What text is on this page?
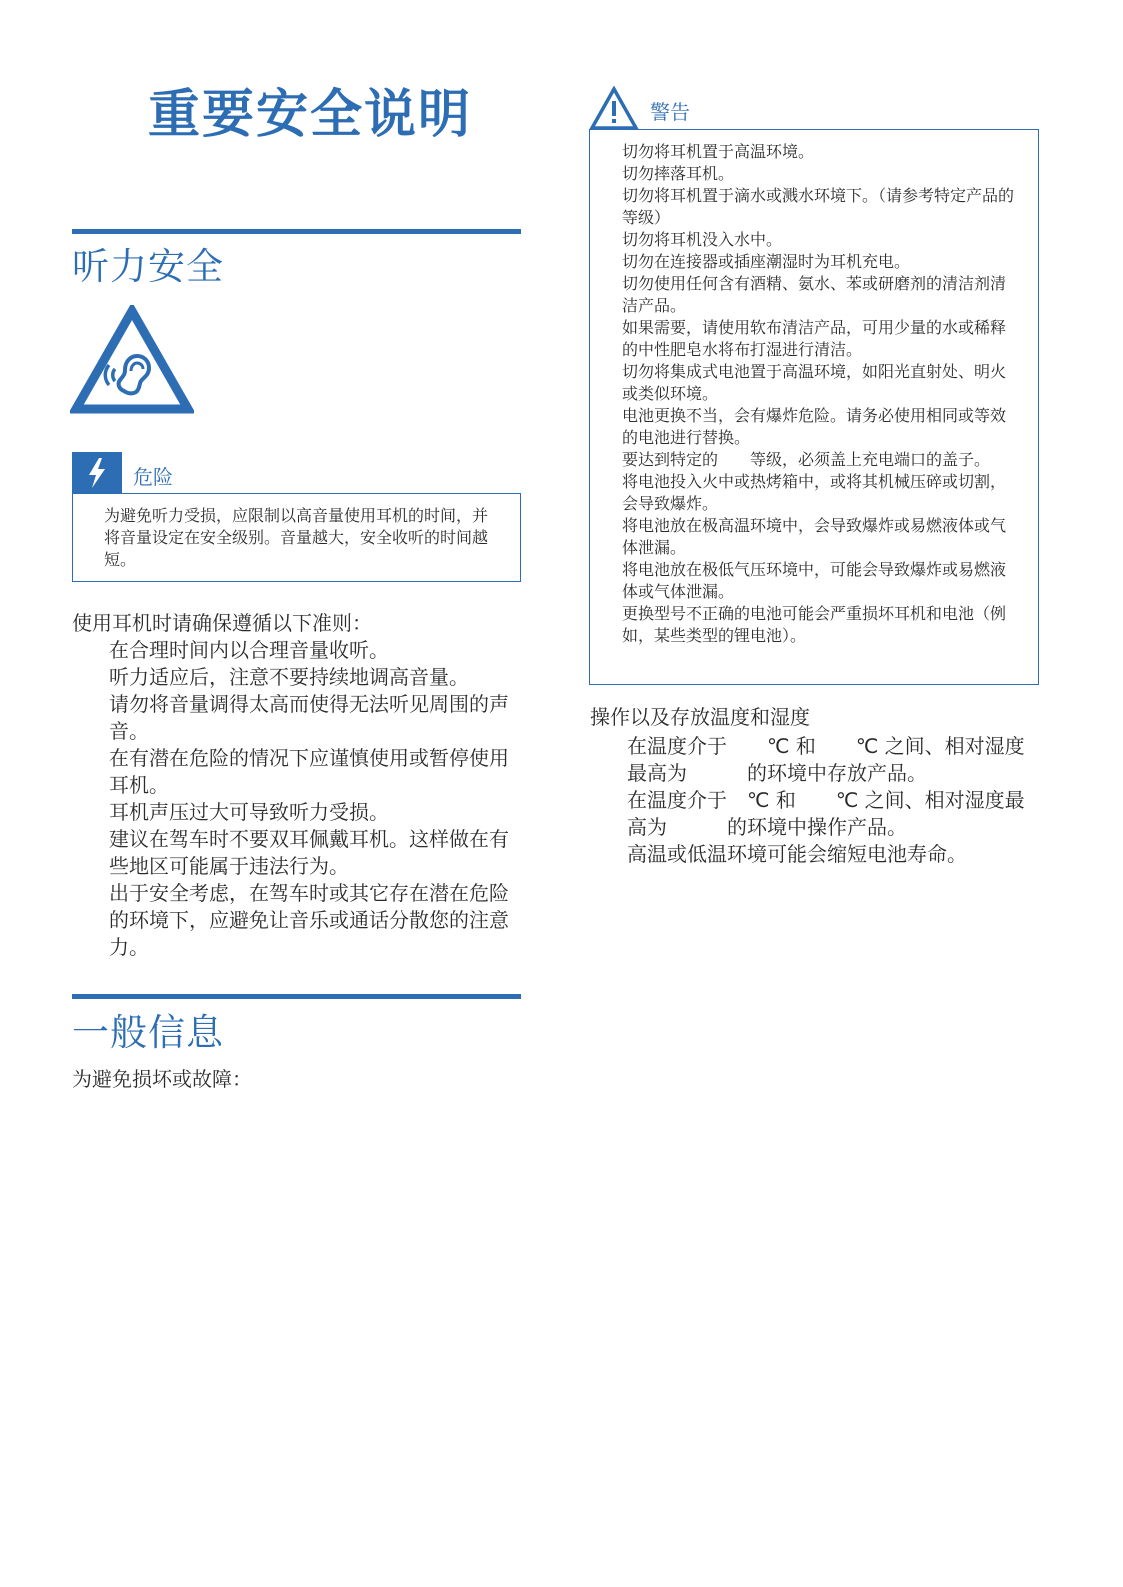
重要安全说明
听力安全
危险
为避免听力受损，应限制以高音量使用耳机的时间，并将音量设定在安全级别。音量越大，安全收听的时间越短。
使用耳机时请确保遵循以下准则：
在合理时间内以合理音量收听。
听力适应后，注意不要持续地调高音量。
请勿将音量调得太高而使得无法听见周围的声音。
在有潜在危险的情况下应谨慎使用或暂停使用耳机。
耳机声压过大可导致听力受损。
建议在驾车时不要双耳佩戴耳机。这样做在有些地区可能属于违法行为。
出于安全考虑，在驾车时或其它存在潜在危险的环境下，应避免让音乐或通话分散您的注意力。
一般信息
为避免损坏或故障：
警告

切勿将耳机置于高温环境。

切勿摔落耳机。

切勿将耳机置于滴水或溅水环境下。（请参考特定产品的　　等级）

切勿将耳机没入水中。

切勿在连接器或插座潮湿时为耳机充电。

切勿使用任何含有酒精、氨水、苯或研磨剂的清洁剂清洁产品。

如果需要，请使用软布清洁产品，可用少量的水或稀释的中性肥皂水将布打湿进行清洁。

切勿将集成式电池置于高温环境，如阳光直射处、明火或类似环境。

电池更换不当，会有爆炸危险。请务必使用相同或等效的电池进行替换。

要达到特定的　　等级，必须盖上充电端口的盖子。

将电池投入火中或热烤箱中，或将其机械压碎或切割，会导致爆炸。

将电池放在极高温环境中，会导致爆炸或易燃液体或气体泄漏。

将电池放在极低气压环境中，可能会导致爆炸或易燃液体或气体泄漏。

更换型号不正确的电池可能会严重损坏耳机和电池（例如，某些类型的锂电池）。

操作以及存放温度和湿度
在温度介于　　℃ 和　　℃ 之间、相对湿度最高为　　　的环境中存放产品。
在温度介于　℃ 和　　℃ 之间、相对湿度最高为　　　的环境中操作产品。
高温或低温环境可能会缩短电池寿命。
